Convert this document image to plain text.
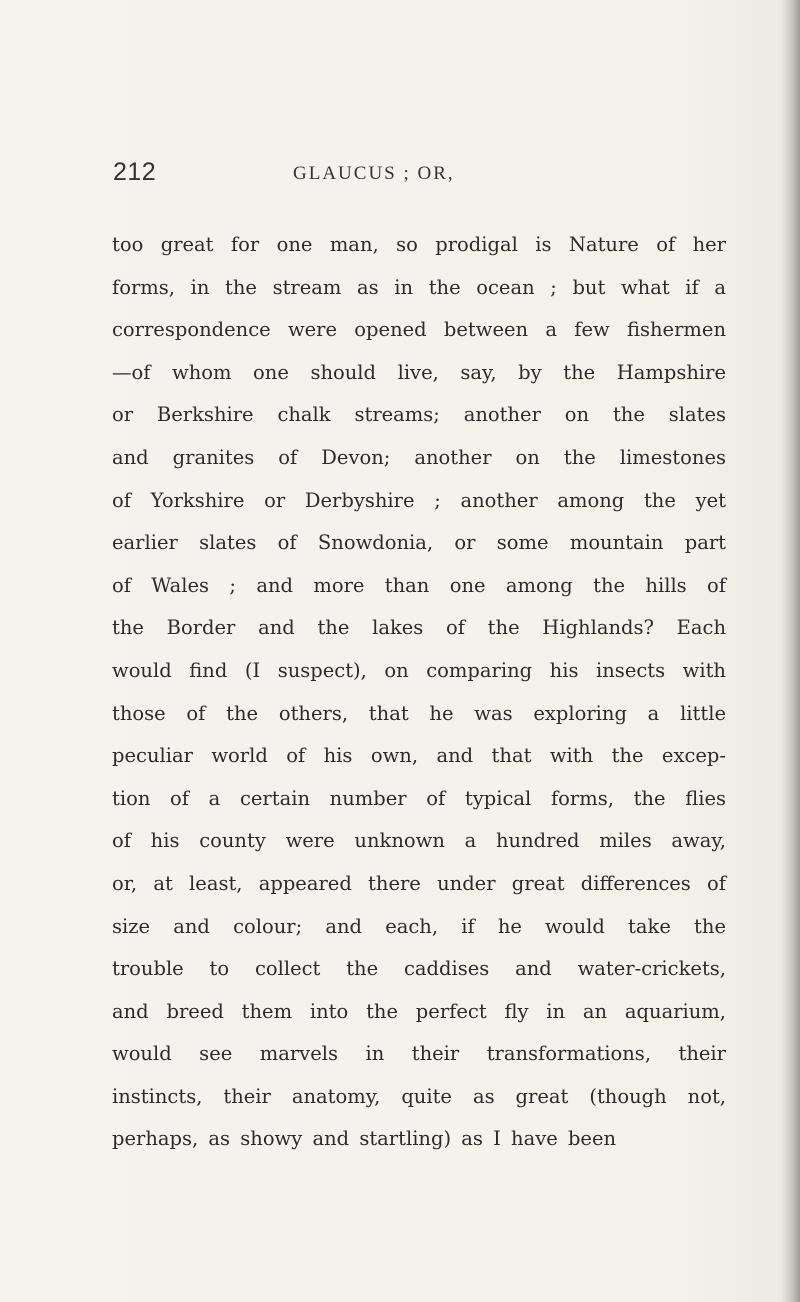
212	GLAUCUS ; OR,
too great for one man, so prodigal is Nature of her
forms, in the stream as in the ocean ; but what if a
correspondence were opened between a few fishermen
—of whom one should live, say, by the Hampshire
or Berkshire chalk streams; another on the slates
and granites of Devon; another on the limestones
of Yorkshire or Derbyshire ; another among the yet
earlier slates of Snowdonia, or some mountain part
of Wales ; and more than one among the hills of
the Border and the lakes of the Highlands? Each
would find (I suspect), on comparing his insects with
those of the others, that he was exploring a little
peculiar world of his own, and that with the excep-
tion of a certain number of typical forms, the flies
of his county were unknown a hundred miles away,
or, at least, appeared there under great differences of
size and colour; and each, if he would take the
trouble to collect the caddises and water-crickets,
and breed them into the perfect fly in an aquarium,
would see marvels in their transformations, their
instincts, their anatomy, quite as great (though not,
perhaps, as showy and startling) as I have been
